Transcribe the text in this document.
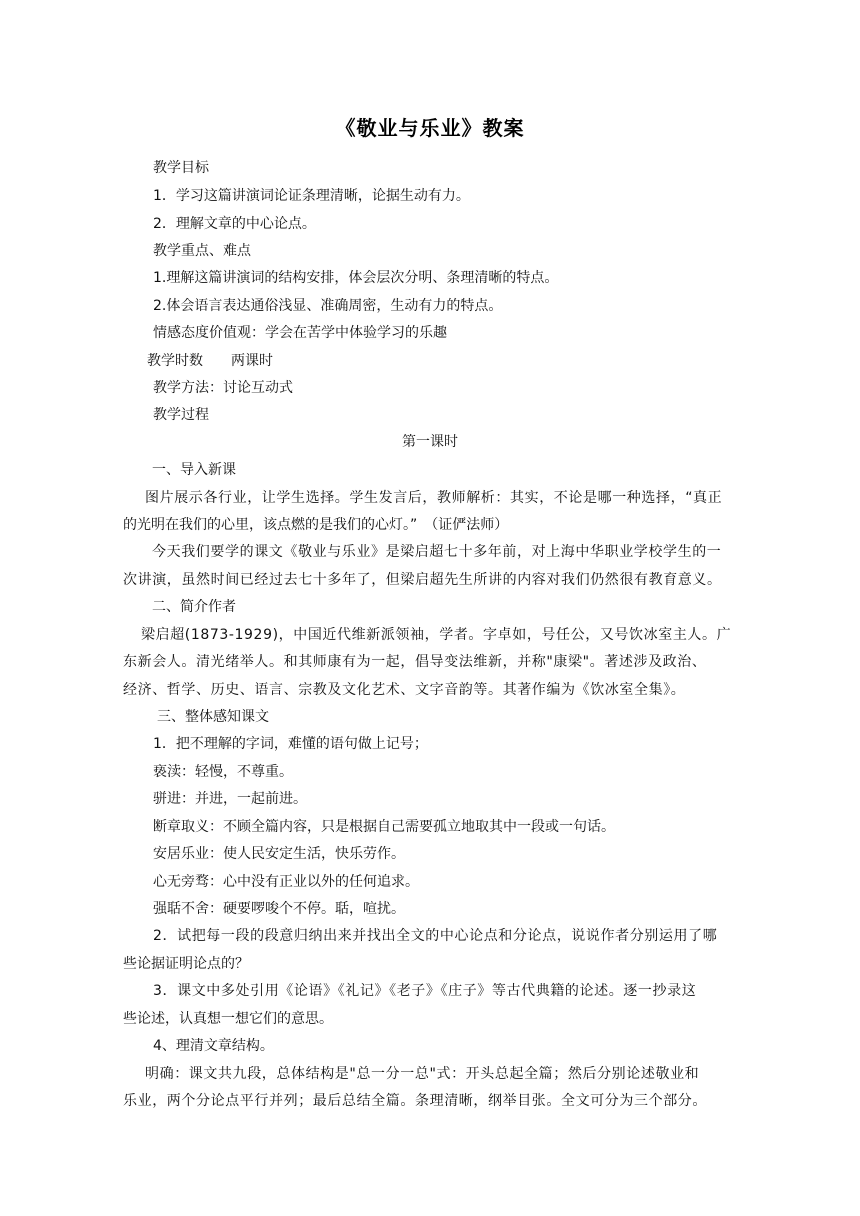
《敬业与乐业》教案
教学目标
1．学习这篇讲演词论证条理清晰，论据生动有力。
2．理解文章的中心论点。
教学重点、难点
1.理解这篇讲演词的结构安排，体会层次分明、条理清晰的特点。
2.体会语言表达通俗浅显、准确周密，生动有力的特点。
情感态度价值观：学会在苦学中体验学习的乐趣
教学时数　　两课时
教学方法：讨论互动式
教学过程
第一课时
一、导入新课
图片展示各行业，让学生选择。学生发言后，教师解析：其实，不论是哪一种选择，“真正
的光明在我们的心里，该点燃的是我们的心灯。”　（证俨法师）
今天我们要学的课文《敬业与乐业》是梁启超七十多年前，对上海中华职业学校学生的一
次讲演，虽然时间已经过去七十多年了，但梁启超先生所讲的内容对我们仍然很有教育意义。
二、简介作者
梁启超(1873-1929)，中国近代维新派领袖，学者。字卓如，号任公，又号饮冰室主人。广
东新会人。清光绪举人。和其师康有为一起，倡导变法维新，并称"康梁"。著述涉及政治、
经济、哲学、历史、语言、宗教及文化艺术、文字音韵等。其著作编为《饮冰室全集》。
三、整体感知课文
1．把不理解的字词，难懂的语句做上记号；
亵渎：轻慢，不尊重。
骈进：并进，一起前进。
断章取义：不顾全篇内容，只是根据自己需要孤立地取其中一段或一句话。
安居乐业：使人民安定生活，快乐劳作。
心无旁骛：心中没有正业以外的任何追求。
强聒不舍：硬要啰唆个不停。聒，喧扰。
2．试把每一段的段意归纳出来并找出全文的中心论点和分论点，说说作者分别运用了哪
些论据证明论点的？
3．课文中多处引用《论语》《礼记》《老子》《庄子》等古代典籍的论述。逐一抄录这
些论述，认真想一想它们的意思。
4、理清文章结构。
明确：课文共九段，总体结构是"总一分一总"式：开头总起全篇；然后分别论述敬业和
乐业，两个分论点平行并列；最后总结全篇。条理清晰，纲举目张。全文可分为三个部分。
